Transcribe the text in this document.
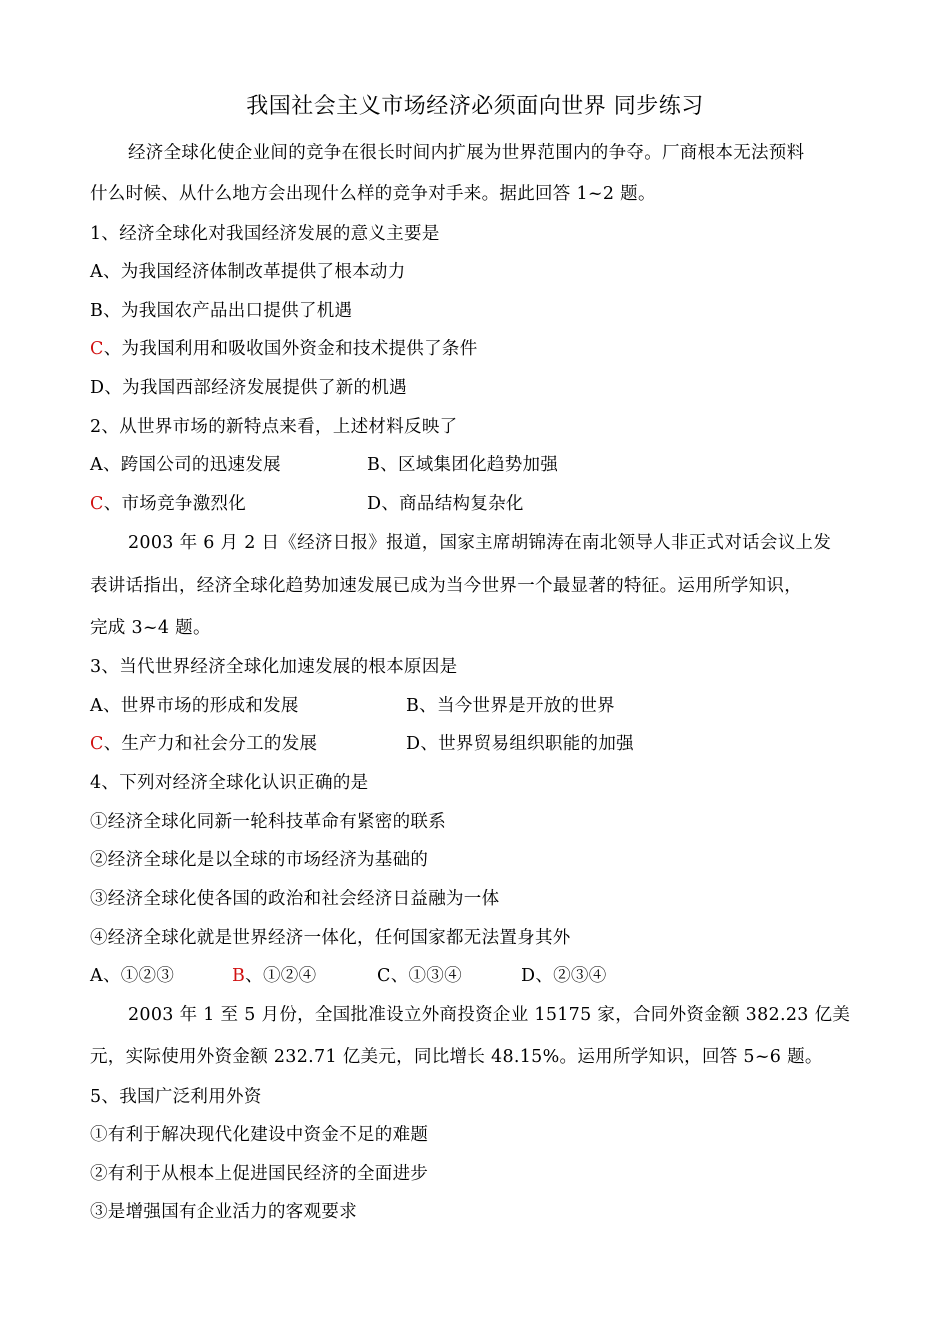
我国社会主义市场经济必须面向世界 同步练习
经济全球化使企业间的竞争在很长时间内扩展为世界范围内的争夺。厂商根本无法预料
什么时候、从什么地方会出现什么样的竞争对手来。据此回答 1~2 题。
1、经济全球化对我国经济发展的意义主要是
A、为我国经济体制改革提供了根本动力
B、为我国农产品出口提供了机遇
C、为我国利用和吸收国外资金和技术提供了条件
D、为我国西部经济发展提供了新的机遇
2、从世界市场的新特点来看，上述材料反映了
A、跨国公司的迅速发展	B、区域集团化趋势加强
C、市场竞争激烈化	D、商品结构复杂化
2003 年 6 月 2 日《经济日报》报道，国家主席胡锦涛在南北领导人非正式对话会议上发
表讲话指出，经济全球化趋势加速发展已成为当今世界一个最显著的特征。运用所学知识，
完成 3~4 题。
3、当代世界经济全球化加速发展的根本原因是
A、世界市场的形成和发展	B、当今世界是开放的世界
C、生产力和社会分工的发展	D、世界贸易组织职能的加强
4、下列对经济全球化认识正确的是
①经济全球化同新一轮科技革命有紧密的联系
②经济全球化是以全球的市场经济为基础的
③经济全球化使各国的政治和社会经济日益融为一体
④经济全球化就是世界经济一体化，任何国家都无法置身其外
A、①②③	B、①②④	C、①③④	D、②③④
2003 年 1 至 5 月份，全国批准设立外商投资企业 15175 家，合同外资金额 382.23 亿美
元，实际使用外资金额 232.71 亿美元，同比增长 48.15%。运用所学知识，回答 5~6 题。
5、我国广泛利用外资
①有利于解决现代化建设中资金不足的难题
②有利于从根本上促进国民经济的全面进步
③是增强国有企业活力的客观要求
